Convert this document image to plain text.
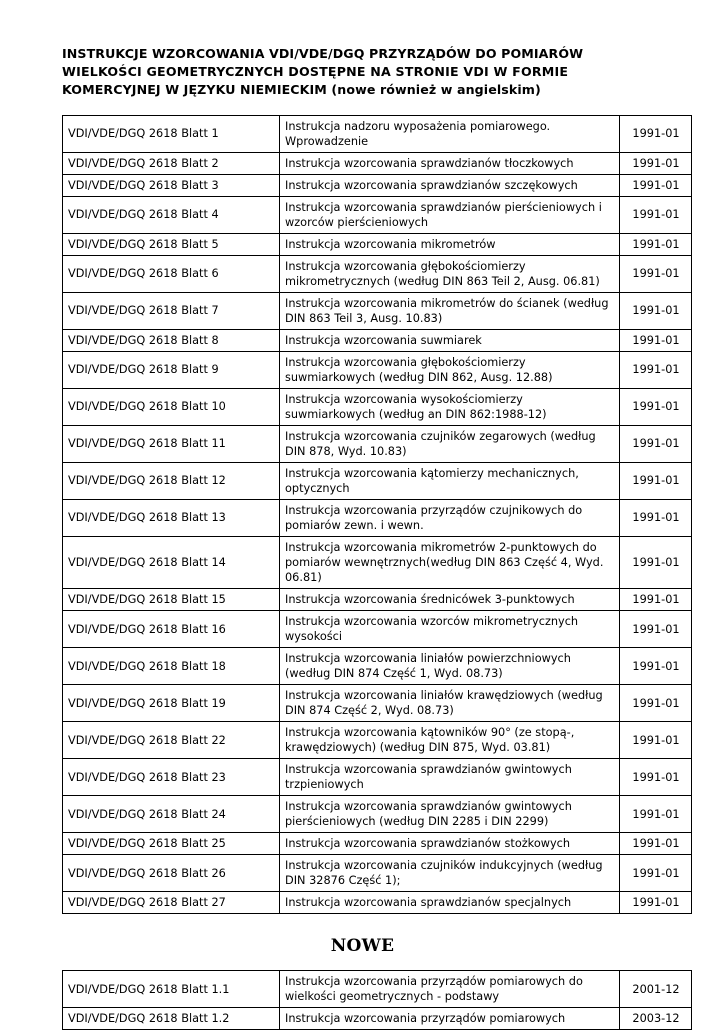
INSTRUKCJE WZORCOWANIA VDI/VDE/DGQ PRZYRZĄDÓW DO POMIARÓW
WIELKOŚCI GEOMETRYCZNYCH DOSTĘPNE NA STRONIE VDI W FORMIE
KOMERCYJNEJ W JĘZYKU NIEMIECKIM (nowe również w angielskim)
VDI/VDE/DGQ 2618 Blatt 1	Instrukcja nadzoru wyposażenia pomiarowego. Wprowadzenie	1991-01
VDI/VDE/DGQ 2618 Blatt 2	Instrukcja wzorcowania sprawdzianów tłoczkowych	1991-01
VDI/VDE/DGQ 2618 Blatt 3	Instrukcja wzorcowania sprawdzianów szczękowych	1991-01
VDI/VDE/DGQ 2618 Blatt 4	Instrukcja wzorcowania sprawdzianów pierścieniowych i wzorców pierścieniowych	1991-01
VDI/VDE/DGQ 2618 Blatt 5	Instrukcja wzorcowania mikrometrów	1991-01
VDI/VDE/DGQ 2618 Blatt 6	Instrukcja wzorcowania głębokościomierzy mikrometrycznych (według DIN 863 Teil 2, Ausg. 06.81)	1991-01
VDI/VDE/DGQ 2618 Blatt 7	Instrukcja wzorcowania mikrometrów do ścianek (według DIN 863 Teil 3, Ausg. 10.83)	1991-01
VDI/VDE/DGQ 2618 Blatt 8	Instrukcja wzorcowania suwmiarek	1991-01
VDI/VDE/DGQ 2618 Blatt 9	Instrukcja wzorcowania głębokościomierzy suwmiarkowych (według DIN 862, Ausg. 12.88)	1991-01
VDI/VDE/DGQ 2618 Blatt 10	Instrukcja wzorcowania wysokościomierzy suwmiarkowych (według an DIN 862:1988-12)	1991-01
VDI/VDE/DGQ 2618 Blatt 11	Instrukcja wzorcowania czujników zegarowych (według DIN 878, Wyd. 10.83)	1991-01
VDI/VDE/DGQ 2618 Blatt 12	Instrukcja wzorcowania kątomierzy mechanicznych, optycznych	1991-01
VDI/VDE/DGQ 2618 Blatt 13	Instrukcja wzorcowania przyrządów czujnikowych do pomiarów zewn. i wewn.	1991-01
VDI/VDE/DGQ 2618 Blatt 14	Instrukcja wzorcowania mikrometrów 2-punktowych do pomiarów wewnętrznych(według DIN 863 Część 4, Wyd. 06.81)	1991-01
VDI/VDE/DGQ 2618 Blatt 15	Instrukcja wzorcowania średnicówek 3-punktowych	1991-01
VDI/VDE/DGQ 2618 Blatt 16	Instrukcja wzorcowania wzorców mikrometrycznych wysokości	1991-01
VDI/VDE/DGQ 2618 Blatt 18	Instrukcja wzorcowania liniałów powierzchniowych (według DIN 874 Część 1, Wyd. 08.73)	1991-01
VDI/VDE/DGQ 2618 Blatt 19	Instrukcja wzorcowania liniałów krawędziowych (według DIN 874 Część 2, Wyd. 08.73)	1991-01
VDI/VDE/DGQ 2618 Blatt 22	Instrukcja wzorcowania kątowników 90° (ze stopą-, krawędziowych) (według DIN 875, Wyd. 03.81)	1991-01
VDI/VDE/DGQ 2618 Blatt 23	Instrukcja wzorcowania sprawdzianów gwintowych trzpieniowych	1991-01
VDI/VDE/DGQ 2618 Blatt 24	Instrukcja wzorcowania sprawdzianów gwintowych pierścieniowych (według DIN 2285 i DIN 2299)	1991-01
VDI/VDE/DGQ 2618 Blatt 25	Instrukcja wzorcowania sprawdzianów stożkowych	1991-01
VDI/VDE/DGQ 2618 Blatt 26	Instrukcja wzorcowania czujników indukcyjnych (według DIN 32876 Część 1);	1991-01
VDI/VDE/DGQ 2618 Blatt 27	Instrukcja wzorcowania sprawdzianów specjalnych	1991-01
NOWE
VDI/VDE/DGQ 2618 Blatt 1.1	Instrukcja wzorcowania przyrządów pomiarowych do wielkości geometrycznych - podstawy	2001-12
VDI/VDE/DGQ 2618 Blatt 1.2	Instrukcja wzorcowania przyrządów pomiarowych	2003-12
